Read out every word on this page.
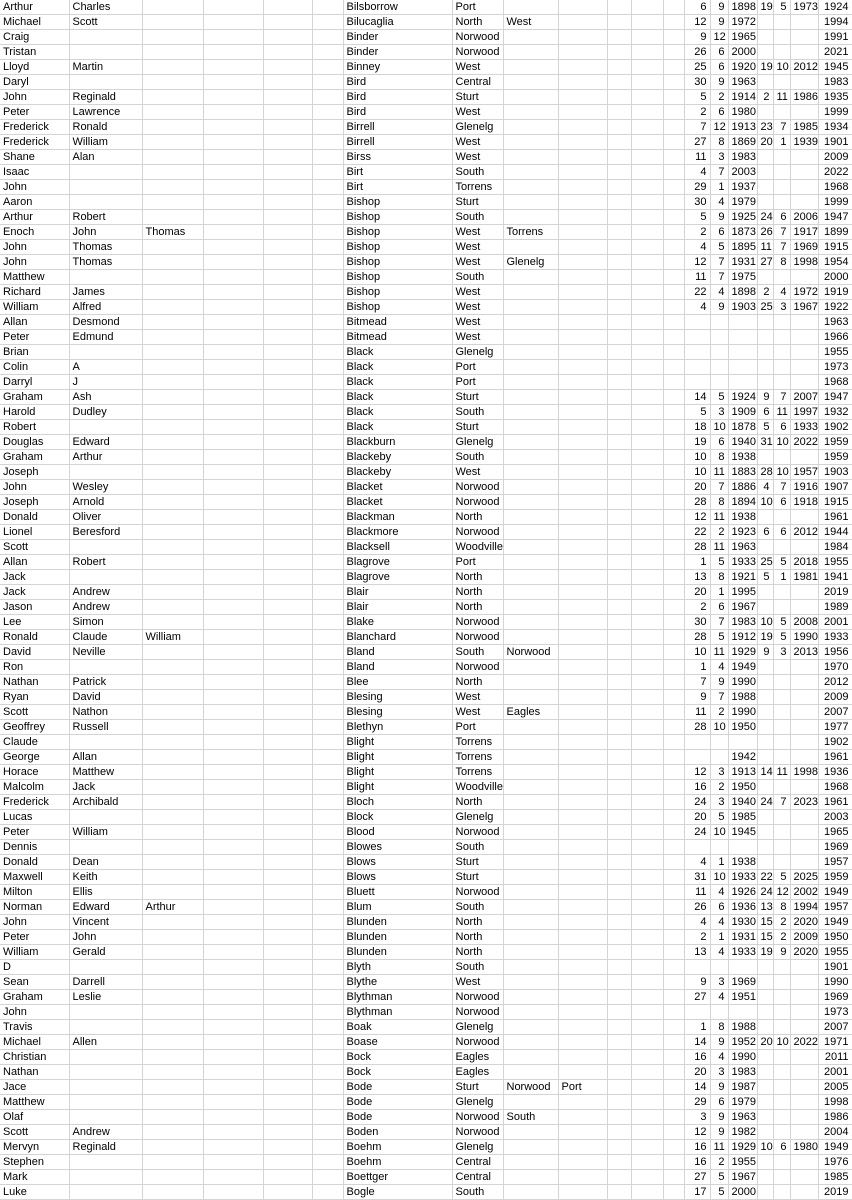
Arthur	Charles					Bilsborrow	Port						6	9	1898	19	5	1973	1924
Michael	Scott					Bilucaglia	North	West					12	9	1972				1994
Craig						Binder	Norwood						9	12	1965				1991
Tristan						Binder	Norwood						26	6	2000				2021
Lloyd	Martin					Binney	West						25	6	1920	19	10	2012	1945
Daryl						Bird	Central						30	9	1963				1983
John	Reginald					Bird	Sturt						5	2	1914	2	11	1986	1935
Peter	Lawrence					Bird	West						2	6	1980				1999
Frederick	Ronald					Birrell	Glenelg						7	12	1913	23	7	1985	1934
Frederick	William					Birrell	West						27	8	1869	20	1	1939	1901
Shane	Alan					Birss	West						11	3	1983				2009
Isaac						Birt	South						4	7	2003				2022
John						Birt	Torrens						29	1	1937				1968
Aaron						Bishop	Sturt						30	4	1979				1999
Arthur	Robert					Bishop	South						5	9	1925	24	6	2006	1947
Enoch	John	Thomas				Bishop	West	Torrens					2	6	1873	26	7	1917	1899
John	Thomas					Bishop	West						4	5	1895	11	7	1969	1915
John	Thomas					Bishop	West	Glenelg					12	7	1931	27	8	1998	1954
Matthew						Bishop	South						11	7	1975				2000
Richard	James					Bishop	West						22	4	1898	2	4	1972	1919
William	Alfred					Bishop	West						4	9	1903	25	3	1967	1922
Allan	Desmond					Bitmead	West												1963
Peter	Edmund					Bitmead	West												1966
Brian						Black	Glenelg												1955
Colin	A					Black	Port												1973
Darryl	J					Black	Port												1968
Graham	Ash					Black	Sturt						14	5	1924	9	7	2007	1947
Harold	Dudley					Black	South						5	3	1909	6	11	1997	1932
Robert						Black	Sturt						18	10	1878	5	6	1933	1902
Douglas	Edward					Blackburn	Glenelg						19	6	1940	31	10	2022	1959
Graham	Arthur					Blackeby	South						10	8	1938				1959
Joseph						Blackeby	West						10	11	1883	28	10	1957	1903
John	Wesley					Blacket	Norwood						20	7	1886	4	7	1916	1907
Joseph	Arnold					Blacket	Norwood						28	8	1894	10	6	1918	1915
Donald	Oliver					Blackman	North						12	11	1938				1961
Lionel	Beresford					Blackmore	Norwood						22	2	1923	6	6	2012	1944
Scott						Blacksell	Woodville						28	11	1963				1984
Allan	Robert					Blagrove	Port						1	5	1933	25	5	2018	1955
Jack						Blagrove	North						13	8	1921	5	1	1981	1941
Jack	Andrew					Blair	North						20	1	1995				2019
Jason	Andrew					Blair	North						2	6	1967				1989
Lee	Simon					Blake	Norwood						30	7	1983	10	5	2008	2001
Ronald	Claude	William				Blanchard	Norwood						28	5	1912	19	5	1990	1933
David	Neville					Bland	South	Norwood					10	11	1929	9	3	2013	1956
Ron						Bland	Norwood						1	4	1949				1970
Nathan	Patrick					Blee	North						7	9	1990				2012
Ryan	David					Blesing	West						9	7	1988				2009
Scott	Nathon					Blesing	West	Eagles					11	2	1990				2007
Geoffrey	Russell					Blethyn	Port						28	10	1950				1977
Claude						Blight	Torrens												1902
George	Allan					Blight	Torrens								1942				1961
Horace	Matthew					Blight	Torrens						12	3	1913	14	11	1998	1936
Malcolm	Jack					Blight	Woodville						16	2	1950				1968
Frederick	Archibald					Bloch	North						24	3	1940	24	7	2023	1961
Lucas						Block	Glenelg						20	5	1985				2003
Peter	William					Blood	Norwood						24	10	1945				1965
Dennis						Blowes	South												1969
Donald	Dean					Blows	Sturt						4	1	1938				1957
Maxwell	Keith					Blows	Sturt						31	10	1933	22	5	2025	1959
Milton	Ellis					Bluett	Norwood						11	4	1926	24	12	2002	1949
Norman	Edward	Arthur				Blum	South						26	6	1936	13	8	1994	1957
John	Vincent					Blunden	North						4	4	1930	15	2	2020	1949
Peter	John					Blunden	North						2	1	1931	15	2	2009	1950
William	Gerald					Blunden	North						13	4	1933	19	9	2020	1955
D						Blyth	South												1901
Sean	Darrell					Blythe	West						9	3	1969				1990
Graham	Leslie					Blythman	Norwood						27	4	1951				1969
John						Blythman	Norwood												1973
Travis						Boak	Glenelg						1	8	1988				2007
Michael	Allen					Boase	Norwood						14	9	1952	20	10	2022	1971
Christian						Bock	Eagles						16	4	1990				2011
Nathan						Bock	Eagles						20	3	1983				2001
Jace						Bode	Sturt	Norwood	Port				14	9	1987				2005
Matthew						Bode	Glenelg						29	6	1979				1998
Olaf						Bode	Norwood	South					3	9	1963				1986
Scott	Andrew					Boden	Norwood						12	9	1982				2004
Mervyn	Reginald					Boehm	Glenelg						16	11	1929	10	6	1980	1949
Stephen						Boehm	Central						16	2	1955				1976
Mark						Boettger	Central						27	5	1967				1985
Luke						Bogle	South						17	5	2000				2019
